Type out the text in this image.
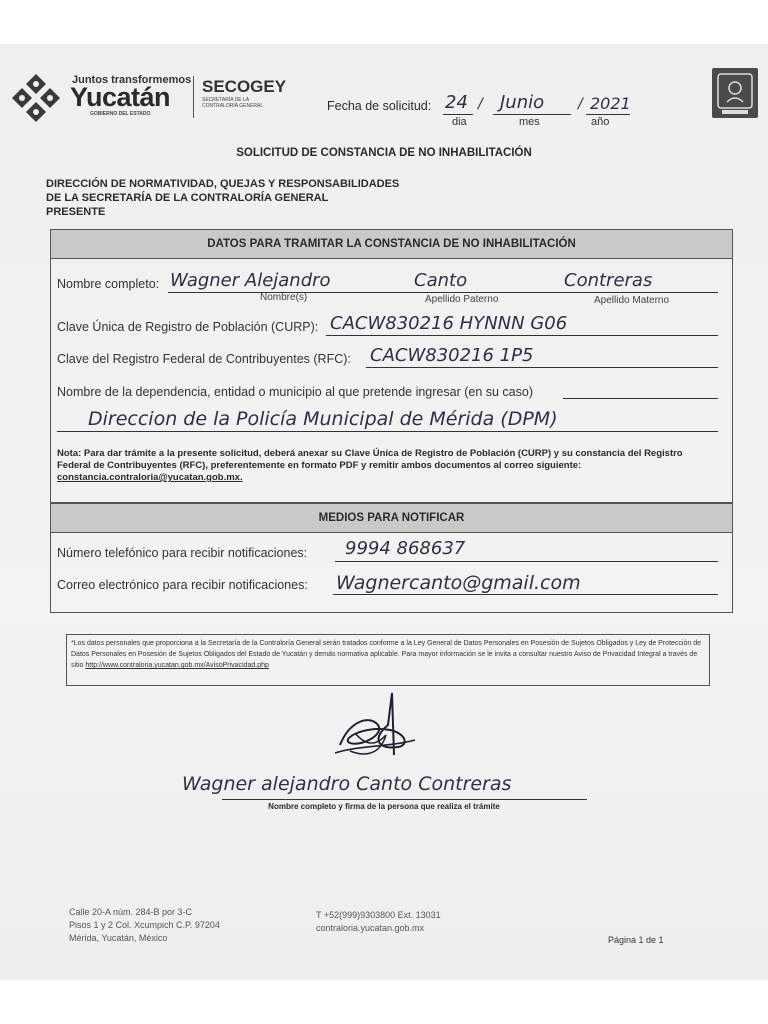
Juntos transformemos
Yucatán
GOBIERNO DEL ESTADO
SECOGEY
SECRETARÍA DE LA CONTRALORÍA GENERAL	Fecha de solicitud: 24 / Junio / 2021
dia	mes	año
SOLICITUD DE CONSTANCIA DE NO INHABILITACIÓN
DIRECCIÓN DE NORMATIVIDAD, QUEJAS Y RESPONSABILIDADES
DE LA SECRETARÍA DE LA CONTRALORÍA GENERAL
PRESENTE
DATOS PARA TRAMITAR LA CONSTANCIA DE NO INHABILITACIÓN
Nombre completo: Wagner Alejandro	Canto	Contreras
Nombre(s)	Apellido Paterno	Apellido Materno
Clave Única de Registro de Población (CURP): CACW830216 HYNNN G06
Clave del Registro Federal de Contribuyentes (RFC): CACW830216 1P5
Nombre de la dependencia, entidad o municipio al que pretende ingresar (en su caso)
Direccion de la Policía Municipal de Mérida (DPM)
Nota: Para dar trámite a la presente solicitud, deberá anexar su Clave Única de Registro de Población (CURP) y su constancia del Registro Federal de Contribuyentes (RFC), preferentemente en formato PDF y remitir ambos documentos al correo siguiente:
constancia.contraloria@yucatan.gob.mx.
MEDIOS PARA NOTIFICAR
Número telefónico para recibir notificaciones: 9994 868637
Correo electrónico para recibir notificaciones: Wagnercanto@gmail.com
*Los datos personales que proporciona a la Secretaría de la Contraloría General serán tratados conforme a la Ley General de Datos Personales en Posesión de Sujetos Obligados y Ley de Protección de Datos Personales en Posesión de Sujetos Obligados del Estado de Yucatán y demás normativa aplicable. Para mayor información se le invita a consultar nuestro Aviso de Privacidad Integral a través de sitio http://www.contraloria.yucatan.gob.mx/AvisoPrivacidad.php
Wagner alejandro Canto Contreras
Nombre completo y firma de la persona que realiza el trámite
Calle 20-A núm. 284-B por 3-C
Pisos 1 y 2 Col. Xcumpich C.P. 97204
Mérida, Yucatán, México
T +52(999)9303800 Ext. 13031
contraloria.yucatan.gob.mx
Página 1 de 1
